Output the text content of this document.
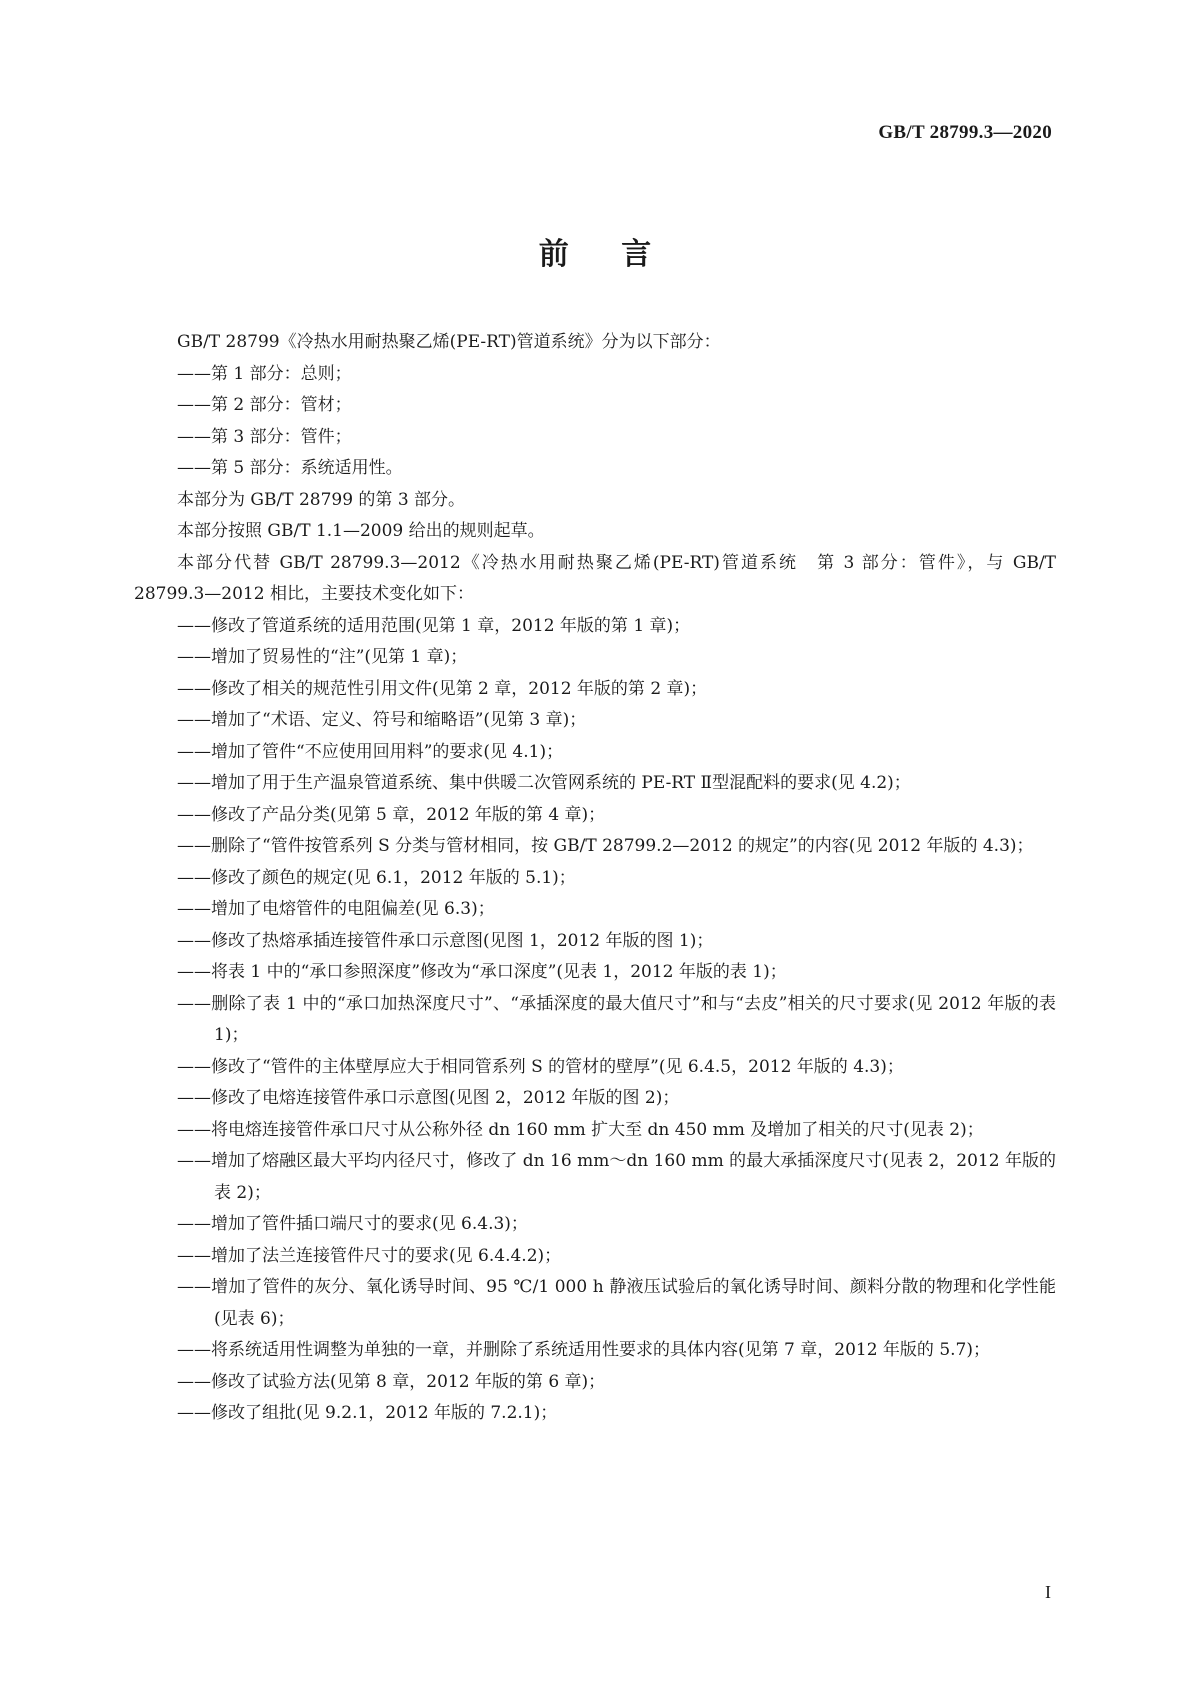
GB/T 28799.3—2020
前 言

GB/T 28799《冷热水用耐热聚乙烯(PE-RT)管道系统》分为以下部分：

——第 1 部分：总则；

——第 2 部分：管材；

——第 3 部分：管件；

——第 5 部分：系统适用性。

本部分为 GB/T 28799 的第 3 部分。

本部分按照 GB/T 1.1—2009 给出的规则起草。

本部分代替 GB/T 28799.3—2012《冷热水用耐热聚乙烯(PE-RT)管道系统　第 3 部分：管件》，与 GB/T 28799.3—2012 相比，主要技术变化如下：

——修改了管道系统的适用范围(见第 1 章，2012 年版的第 1 章)；

——增加了贸易性的“注”(见第 1 章)；

——修改了相关的规范性引用文件(见第 2 章，2012 年版的第 2 章)；

——增加了“术语、定义、符号和缩略语”(见第 3 章)；

——增加了管件“不应使用回用料”的要求(见 4.1)；

——增加了用于生产温泉管道系统、集中供暖二次管网系统的 PE-RT Ⅱ型混配料的要求(见 4.2)；

——修改了产品分类(见第 5 章，2012 年版的第 4 章)；

——删除了“管件按管系列 S 分类与管材相同，按 GB/T 28799.2—2012 的规定”的内容(见 2012 年版的 4.3)；

——修改了颜色的规定(见 6.1，2012 年版的 5.1)；

——增加了电熔管件的电阻偏差(见 6.3)；

——修改了热熔承插连接管件承口示意图(见图 1，2012 年版的图 1)；

——将表 1 中的“承口参照深度”修改为“承口深度”(见表 1，2012 年版的表 1)；

——删除了表 1 中的“承口加热深度尺寸”、“承插深度的最大值尺寸”和与“去皮”相关的尺寸要求(见 2012 年版的表 1)；

——修改了“管件的主体壁厚应大于相同管系列 S 的管材的壁厚”(见 6.4.5，2012 年版的 4.3)；

——修改了电熔连接管件承口示意图(见图 2，2012 年版的图 2)；

——将电熔连接管件承口尺寸从公称外径 dn 160 mm 扩大至 dn 450 mm 及增加了相关的尺寸(见表 2)；

——增加了熔融区最大平均内径尺寸，修改了 dn 16 mm～dn 160 mm 的最大承插深度尺寸(见表 2，2012 年版的表 2)；

——增加了管件插口端尺寸的要求(见 6.4.3)；

——增加了法兰连接管件尺寸的要求(见 6.4.4.2)；

——增加了管件的灰分、氧化诱导时间、95 ℃/1 000 h 静液压试验后的氧化诱导时间、颜料分散的物理和化学性能(见表 6)；

——将系统适用性调整为单独的一章，并删除了系统适用性要求的具体内容(见第 7 章，2012 年版的 5.7)；

——修改了试验方法(见第 8 章，2012 年版的第 6 章)；

——修改了组批(见 9.2.1，2012 年版的 7.2.1)；

I
